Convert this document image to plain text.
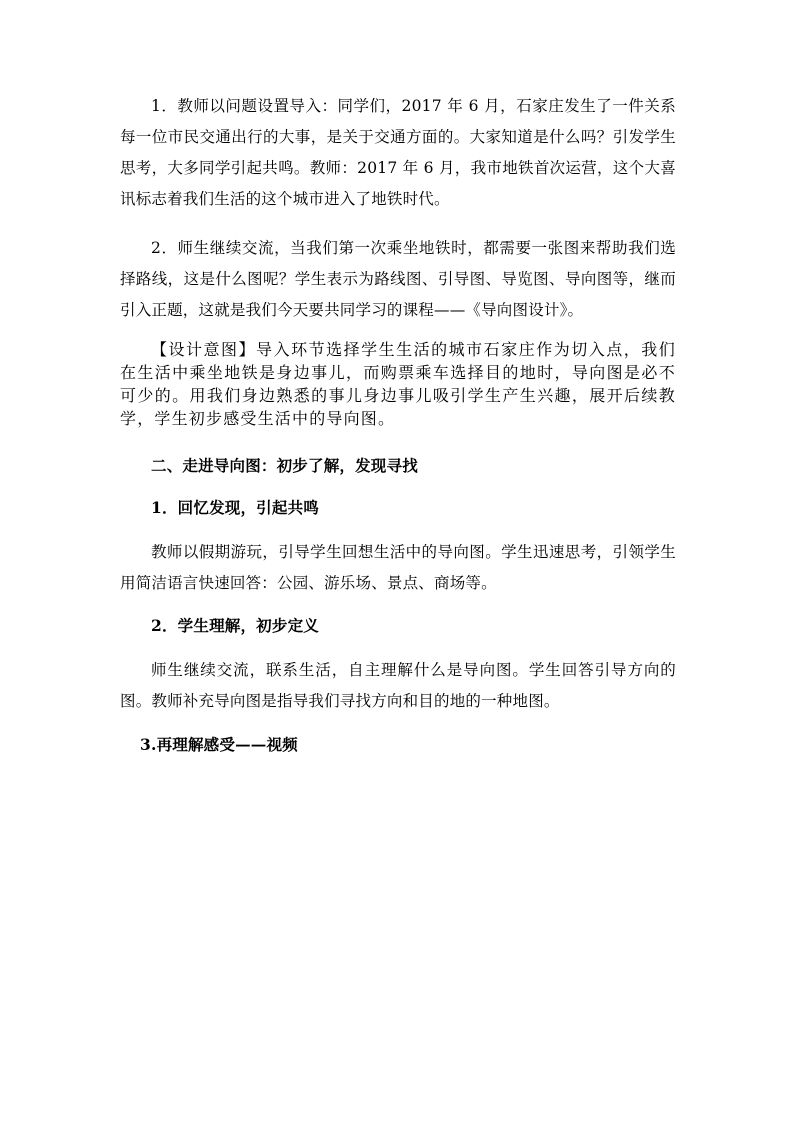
1．教师以问题设置导入：同学们，2017 年 6 月，石家庄发生了一件关系每一位市民交通出行的大事，是关于交通方面的。大家知道是什么吗？引发学生思考，大多同学引起共鸣。教师：2017 年 6 月，我市地铁首次运营，这个大喜讯标志着我们生活的这个城市进入了地铁时代。

2．师生继续交流，当我们第一次乘坐地铁时，都需要一张图来帮助我们选择路线，这是什么图呢？学生表示为路线图、引导图、导览图、导向图等，继而引入正题，这就是我们今天要共同学习的课程——《导向图设计》。

【设计意图】导入环节选择学生生活的城市石家庄作为切入点，我们在生活中乘坐地铁是身边事儿，而购票乘车选择目的地时，导向图是必不可少的。用我们身边熟悉的事儿身边事儿吸引学生产生兴趣，展开后续教学，学生初步感受生活中的导向图。

二、走进导向图：初步了解，发现寻找

1．回忆发现，引起共鸣

教师以假期游玩，引导学生回想生活中的导向图。学生迅速思考，引领学生用简洁语言快速回答：公园、游乐场、景点、商场等。

2．学生理解，初步定义

师生继续交流，联系生活，自主理解什么是导向图。学生回答引导方向的图。教师补充导向图是指导我们寻找方向和目的地的一种地图。

3.再理解感受——视频
